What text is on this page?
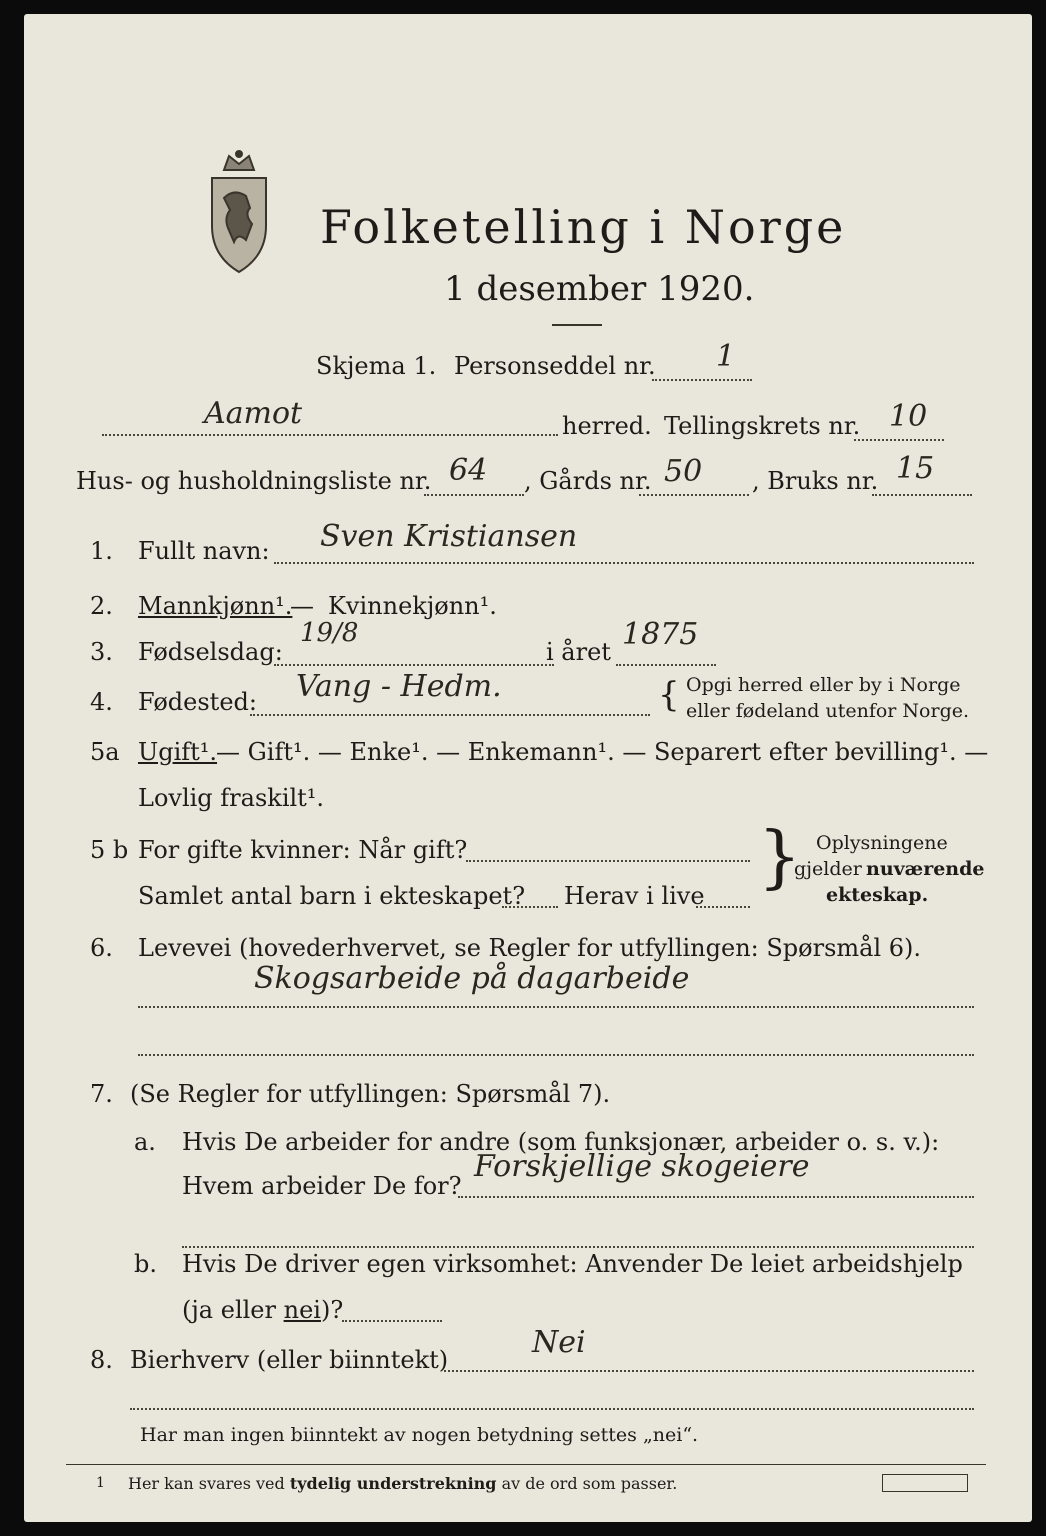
Folketelling i Norge
1 desember 1920.
Skjema 1. Personseddel nr. 1
Aamot	herred. Tellingskrets nr. 10
Hus- og husholdningsliste nr. 64 , Gårds nr. 50 , Bruks nr. 15
1. Fullt navn: Sven Kristiansen
2. Mannkjønn¹.
— Kvinnekjønn¹.
3. Fødselsdag:
19/8
i året 1875
4. Fødested: Vang - Hedm.	{ Opgi herred eller by i Norge
eller fødeland utenfor Norge.
5a Ugift¹.
— Gift¹. — Enke¹. — Enkemann¹. — Separert efter bevilling¹. —
Lovlig fraskilt¹.
5 b For gifte kvinner: Når gift?
Samlet antal barn i ekteskapet? Herav i live } Oplysningene
gjelder nuværende
ekteskap.
6. Levevei (hovederhvervet, se Regler for utfyllingen: Spørsmål 6).
Skogsarbeide på dagarbeide
7. (Se Regler for utfyllingen: Spørsmål 7).
a. Hvis De arbeider for andre (som funksjonær, arbeider o. s. v.):
Hvem arbeider De for?
Forskjellige skogeiere
b. Hvis De driver egen virksomhet: Anvender De leiet arbeidshjelp
(ja eller nei)?
8. Bierhverv (eller biinntekt)	Nei
Har man ingen biinntekt av nogen betydning settes „nei“.
1 Her kan svares ved tydelig understrekning av de ord som passer.
